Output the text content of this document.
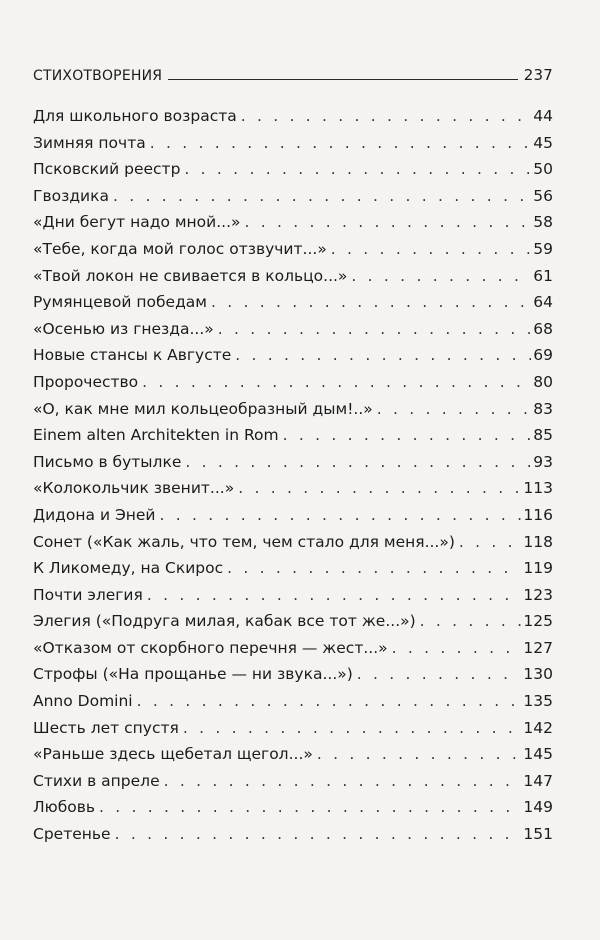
СТИХОТВОРЕНИЯ	237
Для школьного возраста . . .	44
Зимняя почта . . .	45
Псковский реестр . . .	50
Гвоздика . . .	56
«Дни бегут надо мной...» . . .	58
«Тебе, когда мой голос отзвучит...» . . .	59
«Твой локон не свивается в кольцо...» . . .	61
Румянцевой победам . . .	64
«Осенью из гнезда...» . . .	68
Новые стансы к Августе . . .	69
Пророчество . . .	80
«О, как мне мил кольцеобразный дым!..» . . .	83
Einem alten Architekten in Rom . . .	85
Письмо в бутылке . . .	93
«Колокольчик звенит...» . . .	113
Дидона и Эней . . .	116
Сонет («Как жаль, что тем, чем стало для меня...») . . .	118
К Ликомеду, на Скирос . . .	119
Почти элегия . . .	123
Элегия («Подруга милая, кабак все тот же...») . . .	125
«Отказом от скорбного перечня — жест...» . . .	127
Строфы («На прощанье — ни звука...») . . .	130
Anno Domini . . .	135
Шесть лет спустя . . .	142
«Раньше здесь щебетал щегол...» . . .	145
Стихи в апреле . . .	147
Любовь . . .	149
Сретенье . . .	151
